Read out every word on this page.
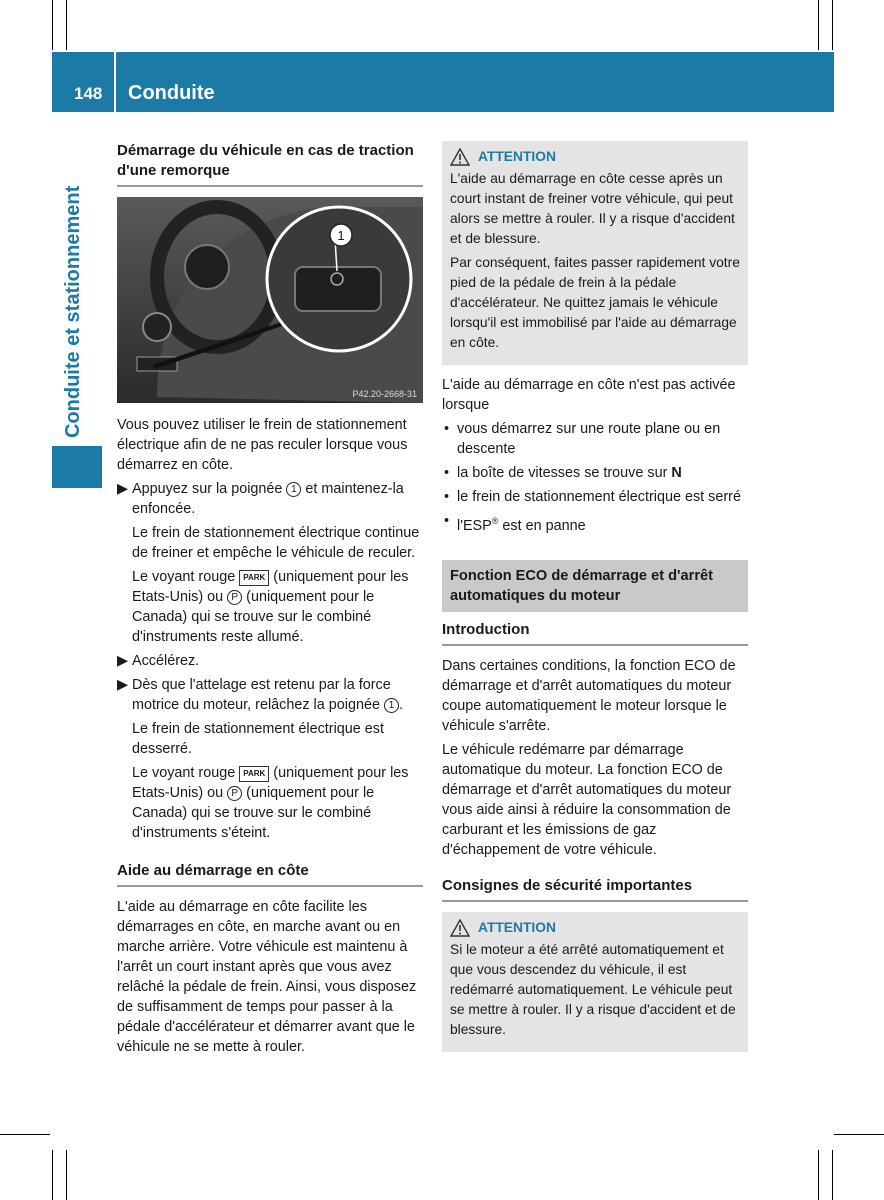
148 Conduite
Conduite et stationnement
Démarrage du véhicule en cas de traction d'une remorque
1
P42.20-2668-31

Vous pouvez utiliser le frein de stationnement électrique afin de ne pas reculer lorsque vous démarrez en côte.

▶ Appuyez sur la poignée 1 et maintenez-la enfoncée.
Le frein de stationnement électrique continue de freiner et empêche le véhicule de reculer.
Le voyant rouge PARK (uniquement pour les Etats-Unis) ou P (uniquement pour le Canada) qui se trouve sur le combiné d'instruments reste allumé.
▶ Accélérez.
▶ Dès que l'attelage est retenu par la force motrice du moteur, relâchez la poignée 1 .
Le frein de stationnement électrique est desserré.
Le voyant rouge PARK (uniquement pour les Etats-Unis) ou P (uniquement pour le Canada) qui se trouve sur le combiné d'instruments s'éteint.
Aide au démarrage en côte

L'aide au démarrage en côte facilite les démarrages en côte, en marche avant ou en marche arrière. Votre véhicule est maintenu à l'arrêt un court instant après que vous avez relâché la pédale de frein. Ainsi, vous disposez de suffisamment de temps pour passer à la pédale d'accélérateur et démarrer avant que le véhicule ne se mette à rouler.

ATTENTION

L'aide au démarrage en côte cesse après un court instant de freiner votre véhicule, qui peut alors se mettre à rouler. Il y a risque d'accident et de blessure.

Par conséquent, faites passer rapidement votre pied de la pédale de frein à la pédale d'accélérateur. Ne quittez jamais le véhicule lorsqu'il est immobilisé par l'aide au démarrage en côte.

L'aide au démarrage en côte n'est pas activée lorsque

• vous démarrez sur une route plane ou en descente
• la boîte de vitesses se trouve sur N
• le frein de stationnement électrique est serré
• l'ESP® est en panne
Fonction ECO de démarrage et d'arrêt automatiques du moteur
Introduction

Dans certaines conditions, la fonction ECO de démarrage et d'arrêt automatiques du moteur coupe automatiquement le moteur lorsque le véhicule s'arrête.

Le véhicule redémarre par démarrage automatique du moteur. La fonction ECO de démarrage et d'arrêt automatiques du moteur vous aide ainsi à réduire la consommation de carburant et les émissions de gaz d'échappement de votre véhicule.

Consignes de sécurité importantes
ATTENTION

Si le moteur a été arrêté automatiquement et que vous descendez du véhicule, il est redémarré automatiquement. Le véhicule peut se mettre à rouler. Il y a risque d'accident et de blessure.
